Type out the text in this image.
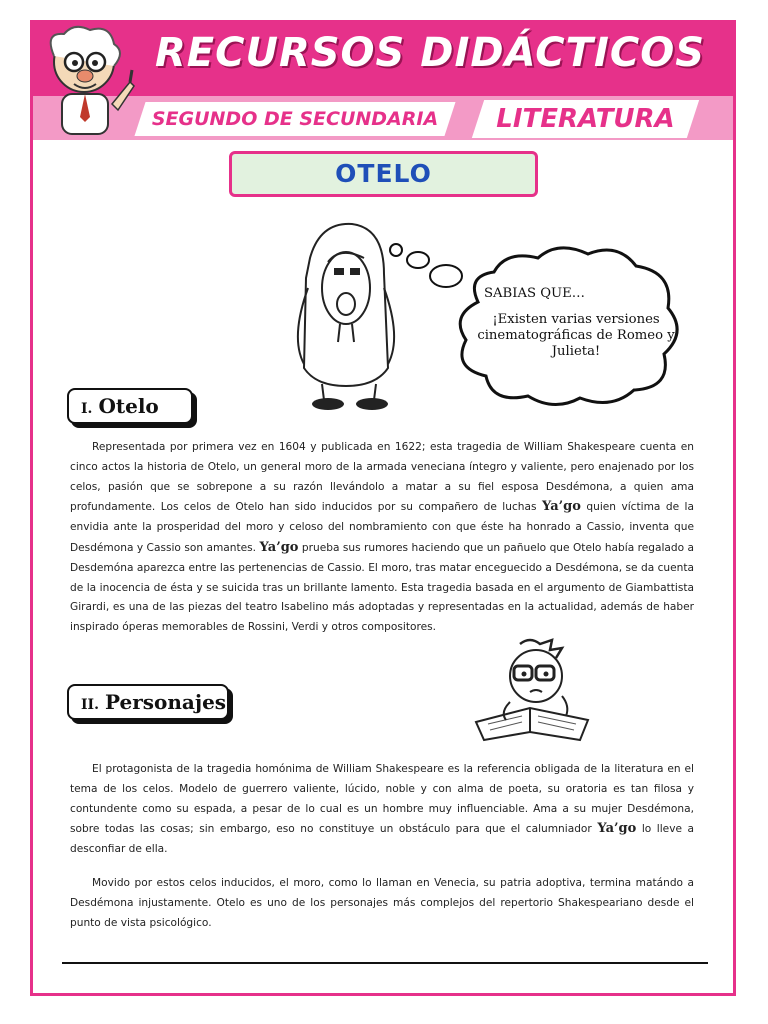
RECURSOS DIDÁCTICOS
SEGUNDO DE SECUNDARIA	LITERATURA
OTELO
SABIAS QUE…
¡Existen varias versiones cinematográficas de Romeo y Julieta!
I. Otelo
Representada por primera vez en 1604 y publicada en 1622; esta tragedia de William Shakespeare cuenta en cinco actos la historia de Otelo, un general moro de la armada veneciana íntegro y valiente, pero enajenado por los celos, pasión que se sobrepone a su razón llevándolo a matar a su fiel esposa Desdémona, a quien ama profundamente. Los celos de Otelo han sido inducidos por su compañero de luchas Ya’go quien víctima de la envidia ante la prosperidad del moro y celoso del nombramiento con que éste ha honrado a Cassio, inventa que Desdémona y Cassio son amantes. Ya’go prueba sus rumores haciendo que un pañuelo que Otelo había regalado a Desdemóna aparezca entre las pertenencias de Cassio. El moro, tras matar enceguecido a Desdémona, se da cuenta de la inocencia de ésta y se suicida tras un brillante lamento. Esta tragedia basada en el argumento de Giambattista Girardi, es una de las piezas del teatro Isabelino más adoptadas y representadas en la actualidad, además de haber inspirado óperas memorables de Rossini, Verdi y otros compositores.
II. Personajes
El protagonista de la tragedia homónima de William Shakespeare es la referencia obligada de la literatura en el tema de los celos. Modelo de guerrero valiente, lúcido, noble y con alma de poeta, su oratoria es tan filosa y contundente como su espada, a pesar de lo cual es un hombre muy influenciable. Ama a su mujer Desdémona, sobre todas las cosas; sin embargo, eso no constituye un obstáculo para que el calumniador Ya’go lo lleve a desconfiar de ella.
Movido por estos celos inducidos, el moro, como lo llaman en Venecia, su patria adoptiva, termina matándo a Desdémona injustamente. Otelo es uno de los personajes más complejos del repertorio Shakespeariano desde el punto de vista psicológico.
